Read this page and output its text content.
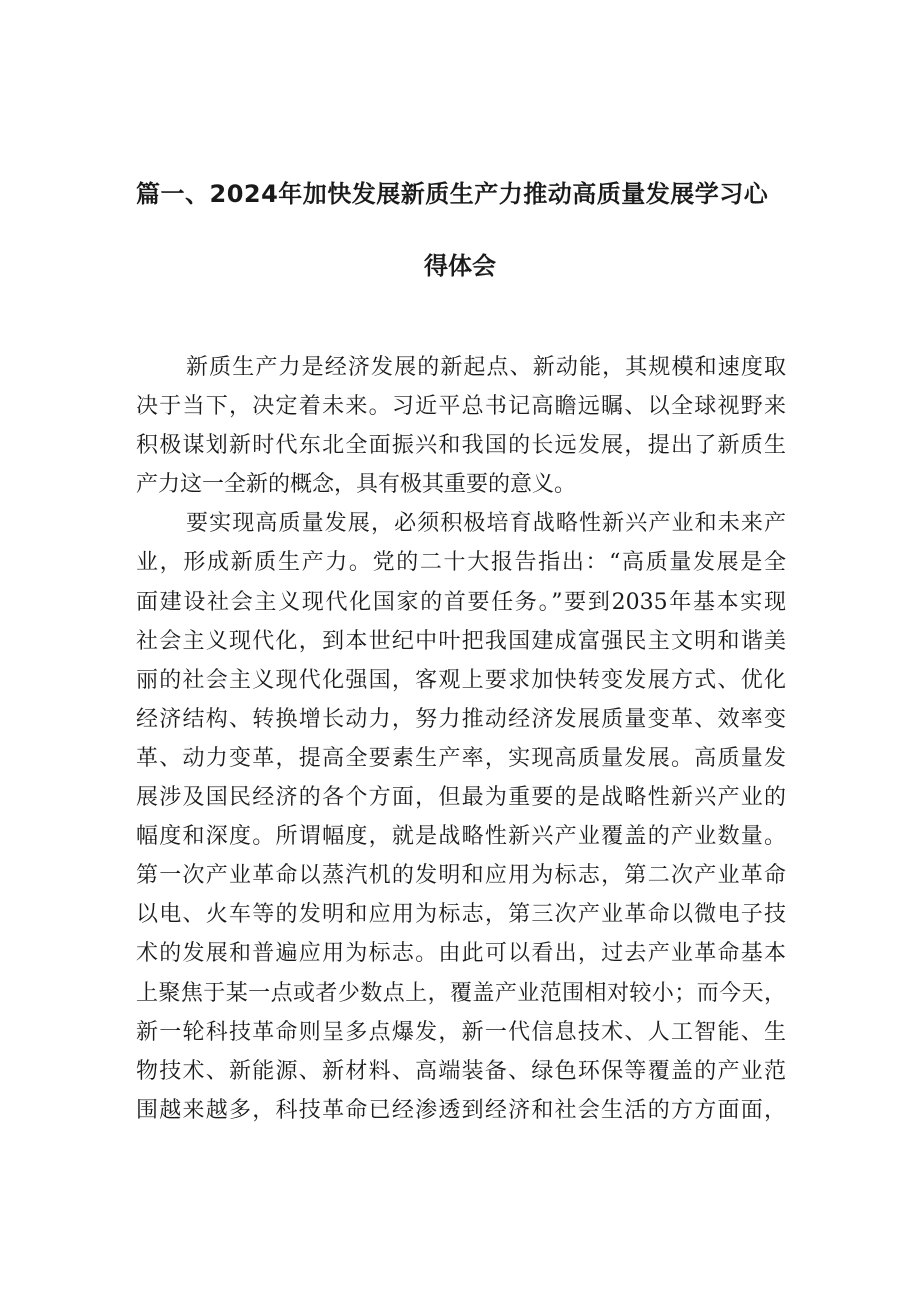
篇一、2024年加快发展新质生产力推动高质量发展学习心
得体会
新质生产力是经济发展的新起点、新动能，其规模和速度取
决于当下，决定着未来。习近平总书记高瞻远瞩、以全球视野来
积极谋划新时代东北全面振兴和我国的长远发展，提出了新质生
产力这一全新的概念，具有极其重要的意义。
要实现高质量发展，必须积极培育战略性新兴产业和未来产
业，形成新质生产力。党的二十大报告指出：“高质量发展是全
面建设社会主义现代化国家的首要任务。”要到2035年基本实现
社会主义现代化，到本世纪中叶把我国建成富强民主文明和谐美
丽的社会主义现代化强国，客观上要求加快转变发展方式、优化
经济结构、转换增长动力，努力推动经济发展质量变革、效率变
革、动力变革，提高全要素生产率，实现高质量发展。高质量发
展涉及国民经济的各个方面，但最为重要的是战略性新兴产业的
幅度和深度。所谓幅度，就是战略性新兴产业覆盖的产业数量。
第一次产业革命以蒸汽机的发明和应用为标志，第二次产业革命
以电、火车等的发明和应用为标志，第三次产业革命以微电子技
术的发展和普遍应用为标志。由此可以看出，过去产业革命基本
上聚焦于某一点或者少数点上，覆盖产业范围相对较小；而今天，
新一轮科技革命则呈多点爆发，新一代信息技术、人工智能、生
物技术、新能源、新材料、高端装备、绿色环保等覆盖的产业范
围越来越多，科技革命已经渗透到经济和社会生活的方方面面，
